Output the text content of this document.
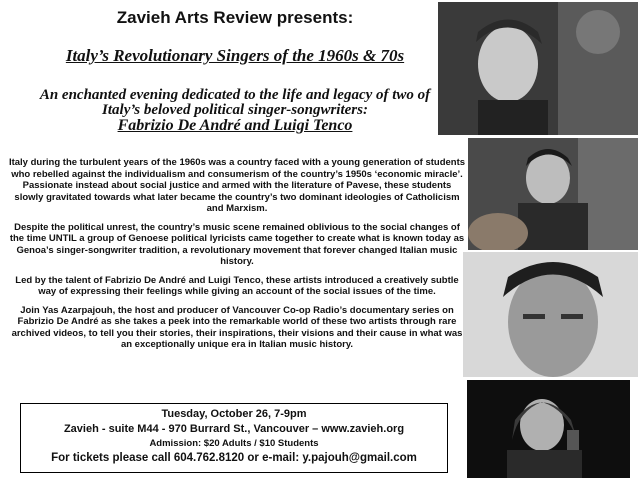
Zavieh Arts Review presents:
Italy’s Revolutionary Singers of the 1960s & 70s
An enchanted evening dedicated to the life and legacy of two of Italy’s beloved political singer-songwriters:
Fabrizio De André and Luigi Tenco

Italy during the turbulent years of the 1960s was a country faced with a young generation of students who rebelled against the individualism and consumerism of the country’s 1950s ‘economic miracle’. Passionate instead about social justice and armed with the literature of Pavese, these students slowly gravitated towards what later became the country’s two dominant ideologies of Catholicism and Marxism.

Despite the political unrest, the country’s music scene remained oblivious to the social changes of the time UNTIL a group of Genoese political lyricists came together to create what is known today as Genoa’s singer-songwriter tradition, a revolutionary movement that forever changed Italian music history.

Led by the talent of Fabrizio De André and Luigi Tenco, these artists introduced a creatively subtle way of expressing their feelings while giving an account of the social issues of the time.

Join Yas Azarpajouh, the host and producer of Vancouver Co-op Radio’s documentary series on Fabrizio De André as she takes a peek into the remarkable world of these two artists through rare archived videos, to tell you their stories, their inspirations, their visions and their cause in what was an exceptionally unique era in Italian music history.

Tuesday, October 26, 7-9pm
Zavieh - suite M44 - 970 Burrard St., Vancouver – www.zavieh.org
Admission: $20 Adults / $10 Students
For tickets please call 604.762.8120 or e-mail: y.pajouh@gmail.com
